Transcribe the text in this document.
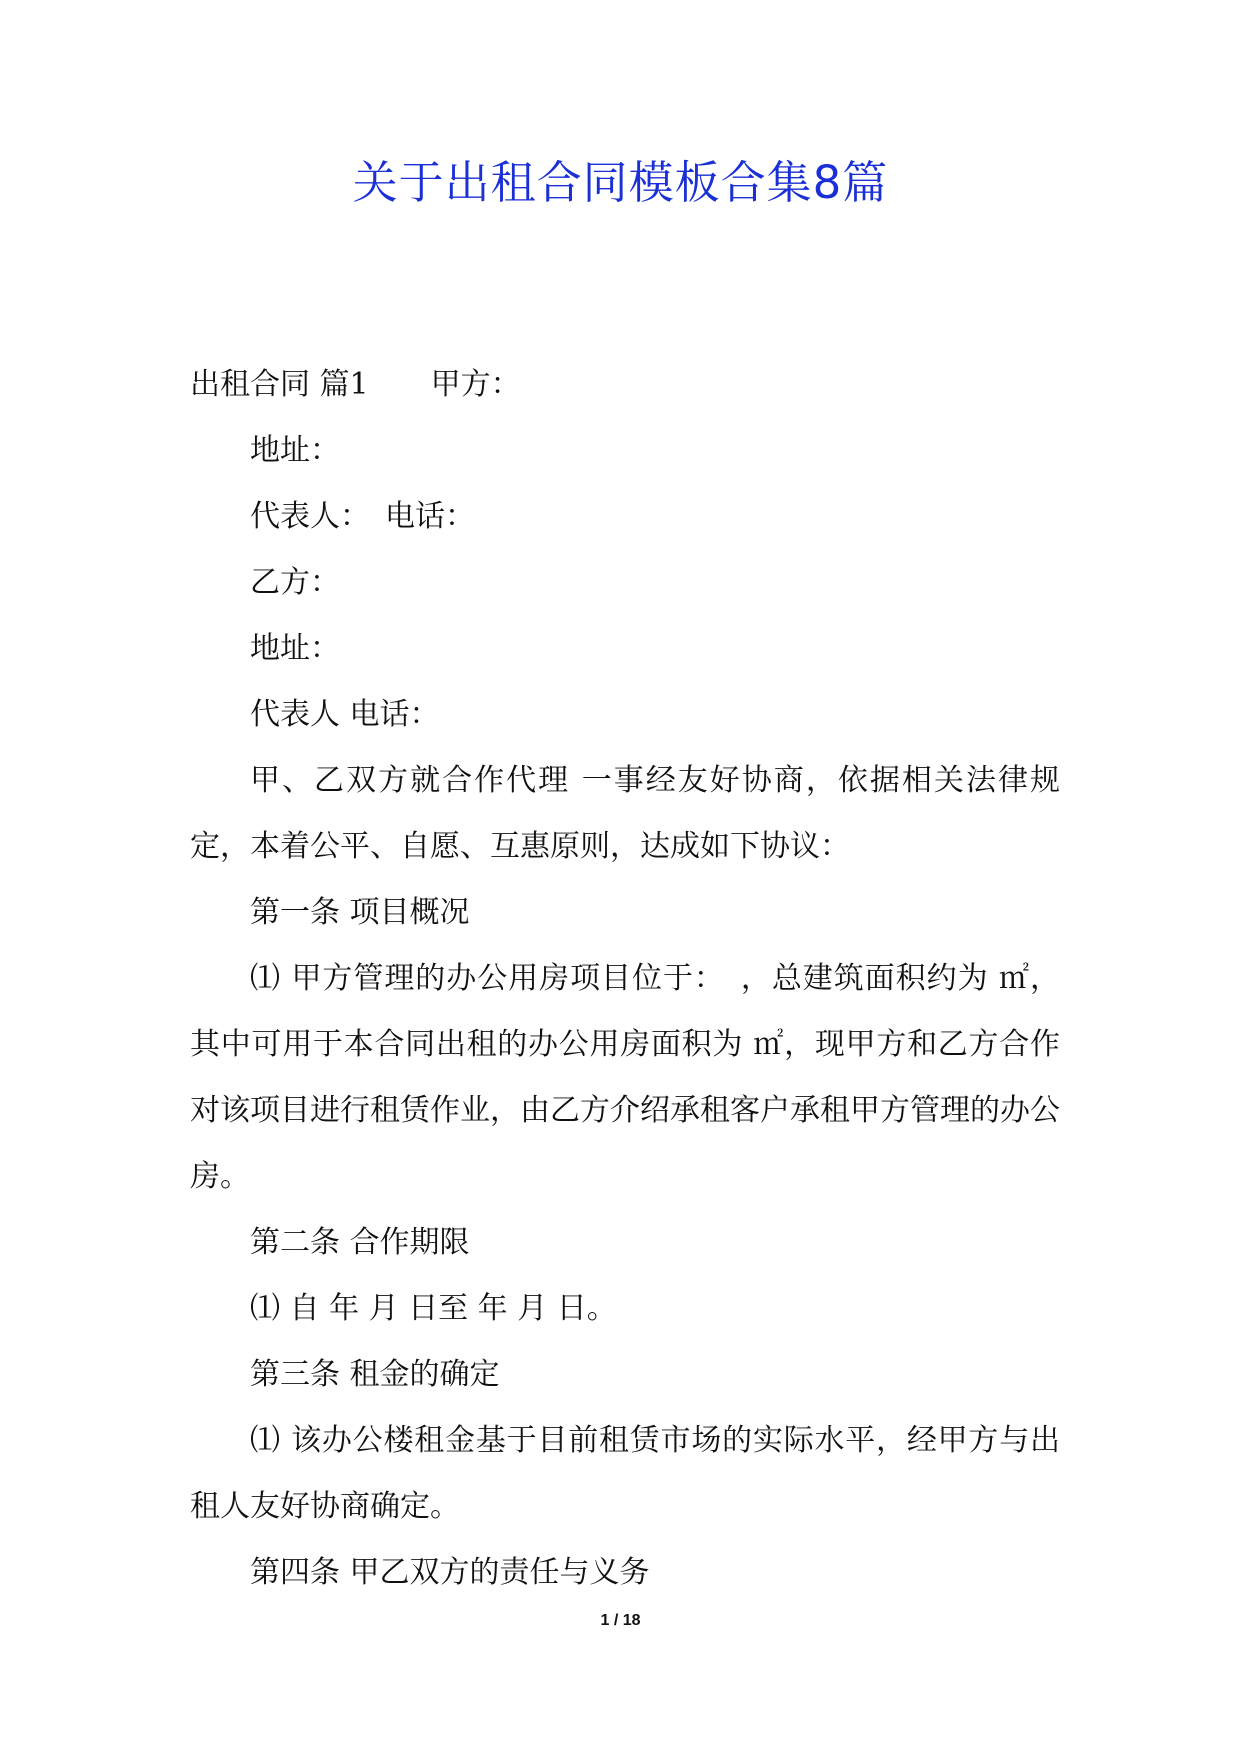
关于出租合同模板合集8篇

出租合同 篇1 甲方：

地址：

代表人：　电话：

乙方：

地址：

代表人 电话：

甲、乙双方就合作代理 一事经友好协商，依据相关法律规定，本着公平、自愿、互惠原则，达成如下协议：

第一条 项目概况

⑴ 甲方管理的办公用房项目位于：　，总建筑面积约为 ㎡，其中可用于本合同出租的办公用房面积为 ㎡，现甲方和乙方合作对该项目进行租赁作业，由乙方介绍承租客户承租甲方管理的办公房。

第二条 合作期限

⑴ 自 年 月 日至 年 月 日。

第三条 租金的确定

⑴ 该办公楼租金基于目前租赁市场的实际水平，经甲方与出租人友好协商确定。

第四条 甲乙双方的责任与义务

1 / 18
